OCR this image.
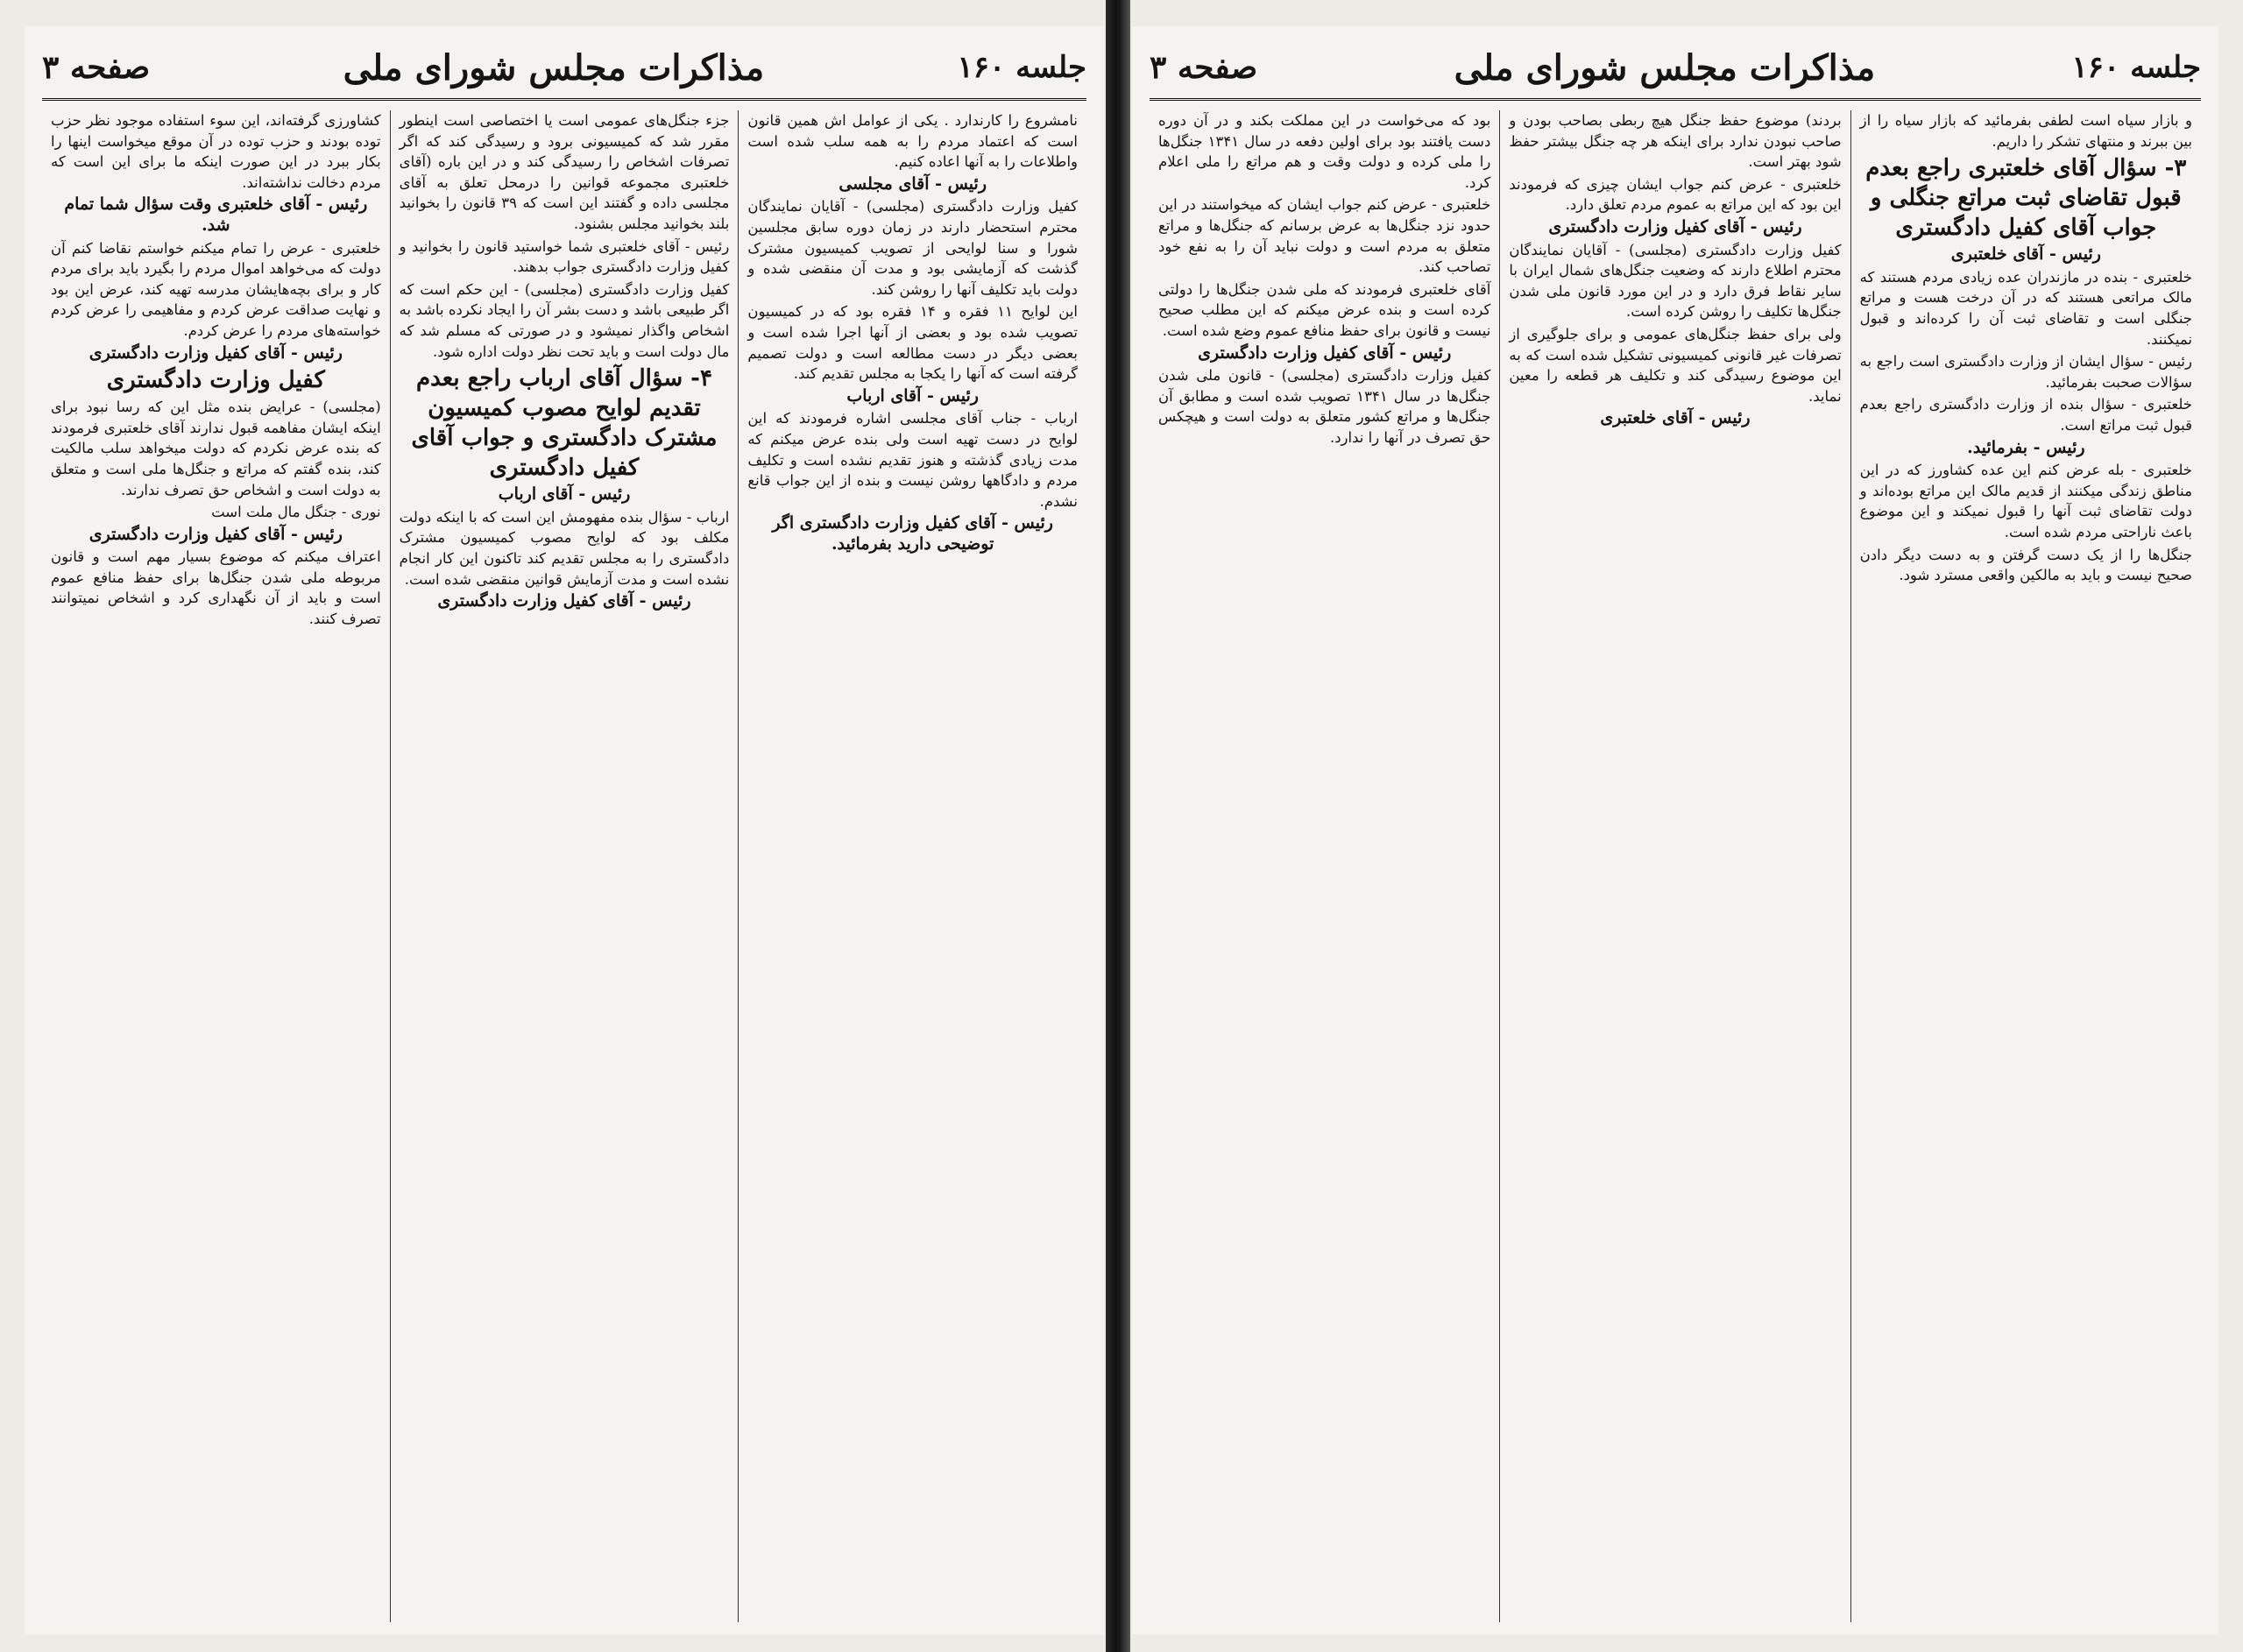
جلسه ۱۶۰
مذاکرات مجلس شورای ملی
صفحه ۳

نامشروع را کارندارد . یکی از عوامل اش همین قانون است که اعتماد مردم را به همه سلب شده است واطلاعات را به آنها اعاده کنیم.

رئیس - آقای مجلسی

کفیل وزارت دادگستری (مجلسی) - آقایان نمایندگان محترم استحضار دارند در زمان دوره سابق مجلسین شورا و سنا لوایحی از تصویب کمیسیون مشترک گذشت که آزمایشی بود و مدت آن منقضی شده و دولت باید تکلیف آنها را روشن کند.

این لوایح ۱۱ فقره و ۱۴ فقره بود که در کمیسیون تصویب شده بود و بعضی از آنها اجرا شده است و بعضی دیگر در دست مطالعه است و دولت تصمیم گرفته است که آنها را یکجا به مجلس تقدیم کند.

رئیس - آقای ارباب

ارباب - جناب آقای مجلسی اشاره فرمودند که این لوایح در دست تهیه است ولی بنده عرض میکنم که مدت زیادی گذشته و هنوز تقدیم نشده است و تکلیف مردم و دادگاهها روشن نیست و بنده از این جواب قانع نشدم.

رئیس - آقای کفیل وزارت دادگستری اگر توضیحی دارید بفرمائید.

جزء جنگل‌های عمومی است یا اختصاصی است اینطور مقرر شد که کمیسیونی برود و رسیدگی کند که اگر تصرفات اشخاص را رسیدگی کند و در این باره (آقای خلعتبری مجموعه قوانین را درمحل تعلق به آقای مجلسی داده و گفتند این است که ۳۹ قانون را بخوانید بلند بخوانید مجلس بشنود.

رئیس - آقای خلعتبری شما خواستید قانون را بخوانید و کفیل وزارت دادگستری جواب بدهند.

کفیل وزارت دادگستری (مجلسی) - این حکم است که اگر طبیعی باشد و دست بشر آن را ایجاد نکرده باشد به اشخاص واگذار نمیشود و در صورتی که مسلم شد که مال دولت است و باید تحت نظر دولت اداره شود.

۴- سؤال آقای ارباب راجع بعدم تقدیم لوایح مصوب کمیسیون مشترک دادگستری و جواب آقای کفیل دادگستری

رئیس - آقای ارباب

ارباب - سؤال بنده مفهومش این است که با اینکه دولت مکلف بود که لوایح مصوب کمیسیون مشترک دادگستری را به مجلس تقدیم کند تاکنون این کار انجام نشده است و مدت آزمایش قوانین منقضی شده است.

رئیس - آقای کفیل وزارت دادگستری

کشاورزی گرفته‌اند، این سوء استفاده موجود نظر حزب توده بودند و حزب توده در آن موقع میخواست اینها را بکار ببرد در این صورت اینکه ما برای این است که مردم دخالت نداشته‌اند.

رئیس - آقای خلعتبری وقت سؤال شما تمام شد.

خلعتبری - عرض را تمام میکنم خواستم نقاضا کنم آن دولت که می‌خواهد اموال مردم را بگیرد باید برای مردم کار و برای بچه‌هایشان مدرسه تهیه کند، عرض این بود و نهایت صداقت عرض کردم و مفاهیمی را عرض کردم خواسته‌های مردم را عرض کردم.

رئیس - آقای کفیل وزارت دادگستری

کفیل وزارت دادگستری

(مجلسی) - عرایض بنده مثل این که رسا نبود برای اینکه ایشان مفاهمه قبول ندارند آقای خلعتبری فرمودند که بنده عرض نکردم که دولت میخواهد سلب مالکیت کند، بنده گفتم که مراتع و جنگل‌ها ملی است و متعلق به دولت است و اشخاص حق تصرف ندارند.

نوری - جنگل مال ملت است

رئیس - آقای کفیل وزارت دادگستری

اعتراف میکنم که موضوع بسیار مهم است و قانون مربوطه ملی شدن جنگل‌ها برای حفظ منافع عموم است و باید از آن نگهداری کرد و اشخاص نمیتوانند تصرف کنند.

جلسه ۱۶۰
مذاکرات مجلس شورای ملی
صفحه ۳

و بازار سیاه است لطفی بفرمائید که بازار سیاه را از بین ببرند و منتهای تشکر را داریم.

۳- سؤال آقای خلعتبری راجع بعدم قبول تقاضای ثبت مراتع جنگلی و جواب آقای کفیل دادگستری

رئیس - آقای خلعتبری

خلعتبری - بنده در مازندران عده زیادی مردم هستند که مالک مراتعی هستند که در آن درخت هست و مراتع جنگلی است و تقاضای ثبت آن را کرده‌اند و قبول نمیکنند.

رئیس - سؤال ایشان از وزارت دادگستری است راجع به سؤالات صحبت بفرمائید.

خلعتبری - سؤال بنده از وزارت دادگستری راجع بعدم قبول ثبت مراتع است.

رئیس - بفرمائید.

خلعتبری - بله عرض کنم این عده کشاورز که در این مناطق زندگی میکنند از قدیم مالک این مراتع بوده‌اند و دولت تقاضای ثبت آنها را قبول نمیکند و این موضوع باعث ناراحتی مردم شده است.

جنگل‌ها را از یک دست گرفتن و به دست دیگر دادن صحیح نیست و باید به مالکین واقعی مسترد شود.

بردند) موضوع حفظ جنگل هیچ ربطی بصاحب بودن و صاحب نبودن ندارد برای اینکه هر چه جنگل بیشتر حفظ شود بهتر است.

خلعتبری - عرض کنم جواب ایشان چیزی که فرمودند این بود که این مراتع به عموم مردم تعلق دارد.

رئیس - آقای کفیل وزارت دادگستری

کفیل وزارت دادگستری (مجلسی) - آقایان نمایندگان محترم اطلاع دارند که وضعیت جنگل‌های شمال ایران با سایر نقاط فرق دارد و در این مورد قانون ملی شدن جنگل‌ها تکلیف را روشن کرده است.

ولی برای حفظ جنگل‌های عمومی و برای جلوگیری از تصرفات غیر قانونی کمیسیونی تشکیل شده است که به این موضوع رسیدگی کند و تکلیف هر قطعه را معین نماید.

رئیس - آقای خلعتبری

بود که می‌خواست در این مملکت بکند و در آن دوره دست یافتند بود برای اولین دفعه در سال ۱۳۴۱ جنگل‌ها را ملی کرده و دولت وقت و هم مراتع را ملی اعلام کرد.

خلعتبری - عرض کنم جواب ایشان که میخواستند در این حدود نزد جنگل‌ها به عرض برسانم که جنگل‌ها و مراتع متعلق به مردم است و دولت نباید آن را به نفع خود تصاحب کند.

آقای خلعتبری فرمودند که ملی شدن جنگل‌ها را دولتی کرده است و بنده عرض میکنم که این مطلب صحیح نیست و قانون برای حفظ منافع عموم وضع شده است.

رئیس - آقای کفیل وزارت دادگستری

کفیل وزارت دادگستری (مجلسی) - قانون ملی شدن جنگل‌ها در سال ۱۳۴۱ تصویب شده است و مطابق آن جنگل‌ها و مراتع کشور متعلق به دولت است و هیچکس حق تصرف در آنها را ندارد.
